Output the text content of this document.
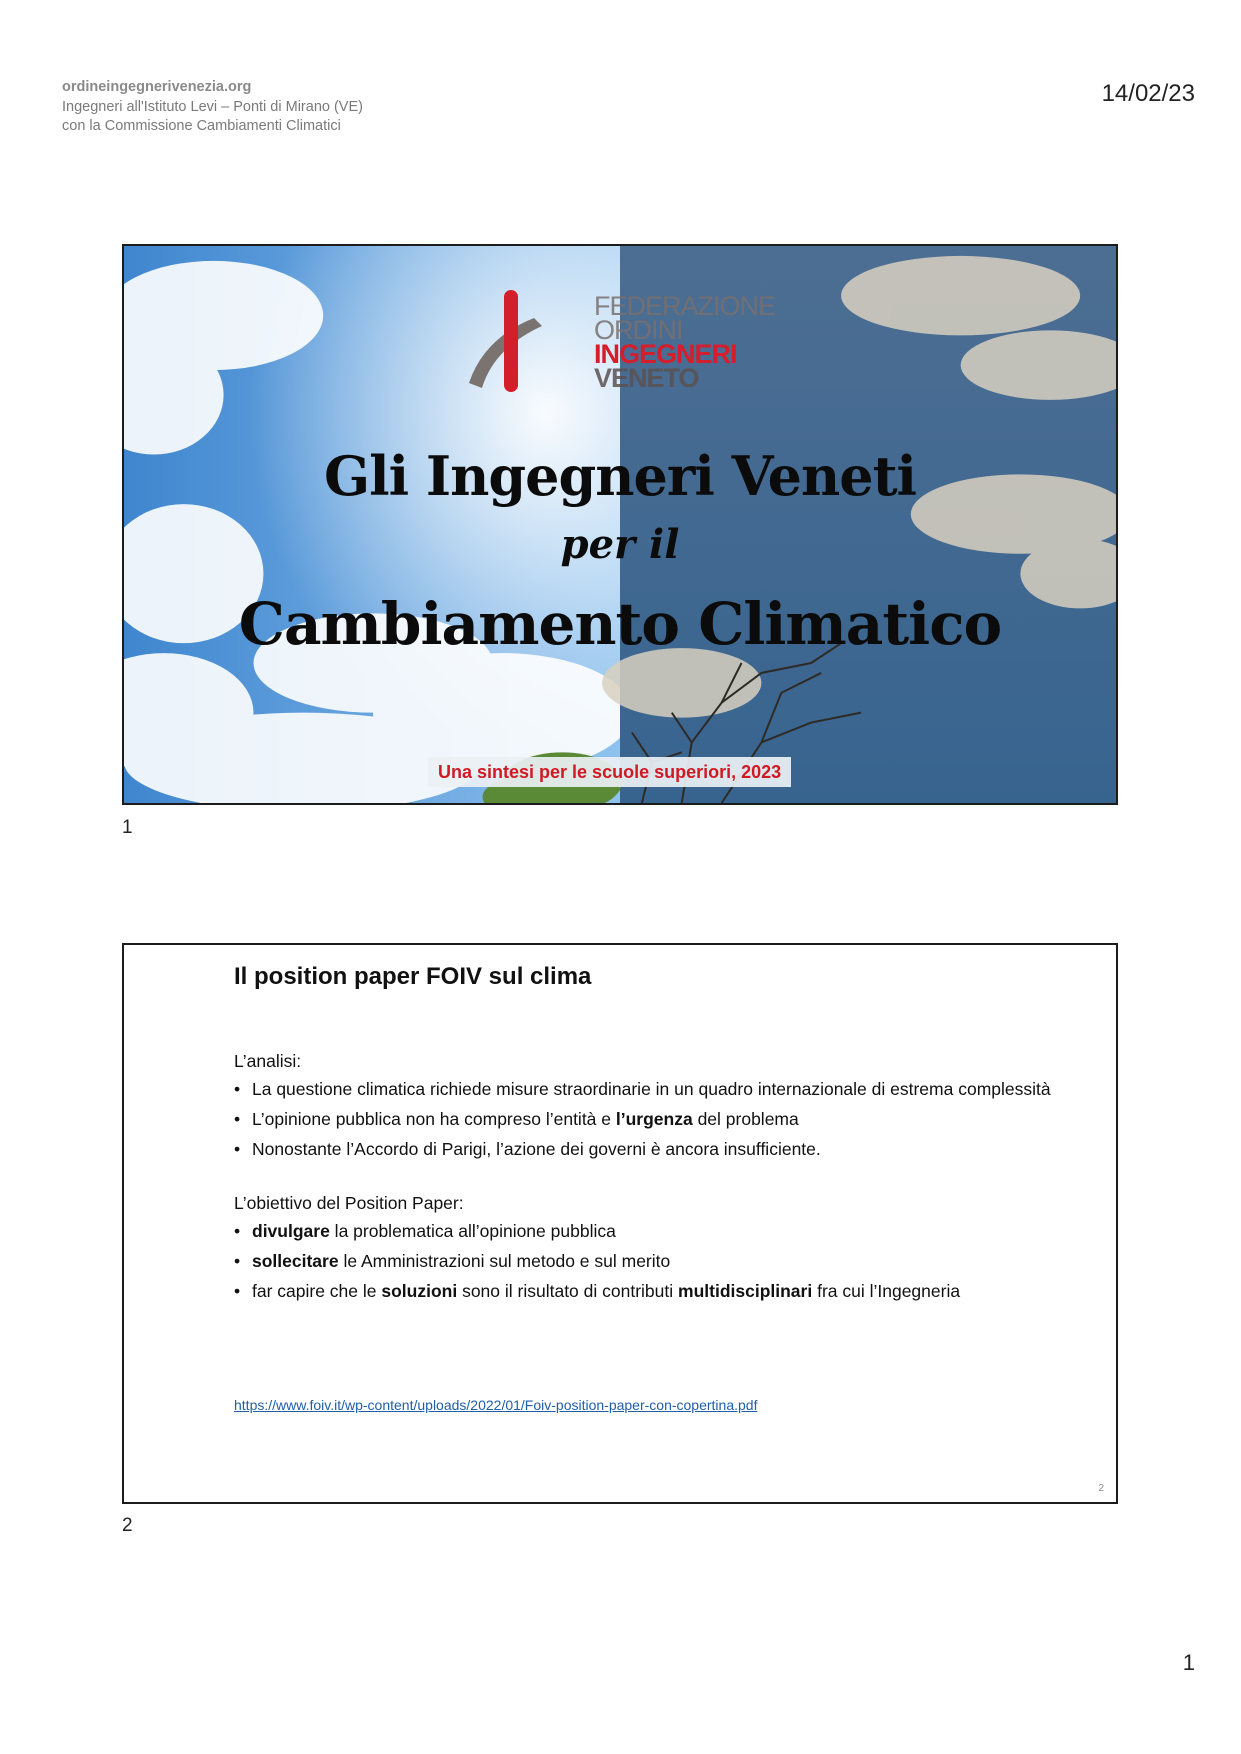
ordineingegnerivenezia.org
Ingegneri all'Istituto Levi – Ponti di Mirano (VE)
con la Commissione Cambiamenti Climatici
14/02/23
FEDERAZIONE
ORDINI
INGEGNERI
VENETO
Gli Ingegneri Veneti
per il
Cambiamento Climatico
Una sintesi per le scuole superiori, 2023
1
Il position paper FOIV sul clima

L’analisi:

• La questione climatica richiede misure straordinarie in un quadro internazionale di estrema complessità
• L’opinione pubblica non ha compreso l’entità e l’urgenza del problema
• Nonostante l’Accordo di Parigi, l’azione dei governi è ancora insufficiente.

L’obiettivo del Position Paper:

• divulgare la problematica all’opinione pubblica
• sollecitare le Amministrazioni sul metodo e sul merito
• far capire che le soluzioni sono il risultato di contributi multidisciplinari fra cui l’Ingegneria
https://www.foiv.it/wp-content/uploads/2022/01/Foiv-position-paper-con-copertina.pdf
2
2
1
